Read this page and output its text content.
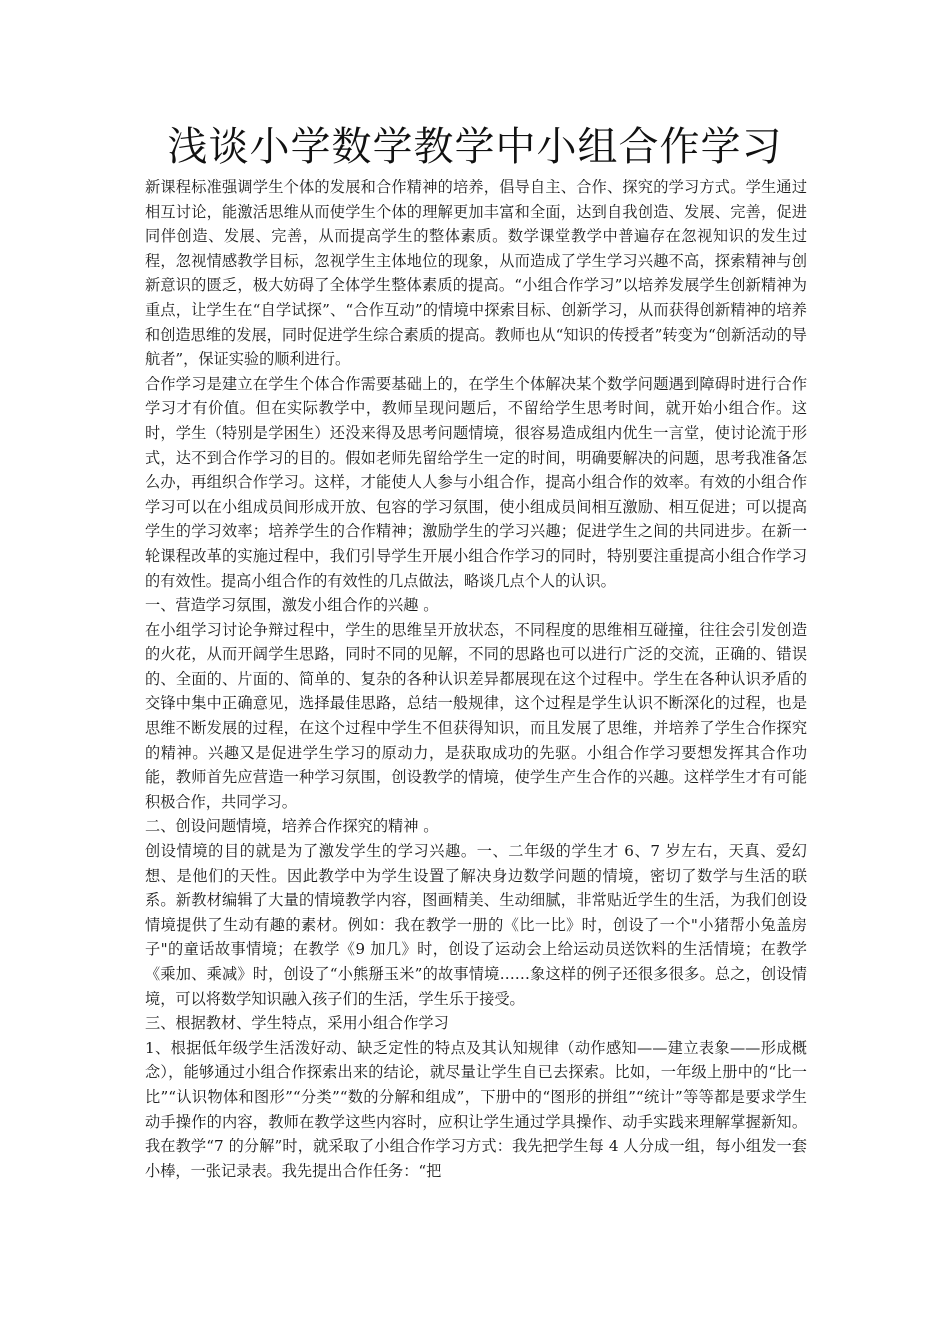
浅谈小学数学教学中小组合作学习

新课程标准强调学生个体的发展和合作精神的培养，倡导自主、合作、探究的学习方式。学生通过相互讨论，能激活思维从而使学生个体的理解更加丰富和全面，达到自我创造、发展、完善，促进同伴创造、发展、完善，从而提高学生的整体素质。数学课堂教学中普遍存在忽视知识的发生过程，忽视情感教学目标，忽视学生主体地位的现象，从而造成了学生学习兴趣不高，探索精神与创新意识的匮乏，极大妨碍了全体学生整体素质的提高。“小组合作学习”以培养发展学生创新精神为重点，让学生在“自学试探”、“合作互动”的情境中探索目标、创新学习，从而获得创新精神的培养和创造思维的发展，同时促进学生综合素质的提高。教师也从“知识的传授者”转变为“创新活动的导航者”，保证实验的顺利进行。

合作学习是建立在学生个体合作需要基础上的，在学生个体解决某个数学问题遇到障碍时进行合作学习才有价值。但在实际教学中，教师呈现问题后，不留给学生思考时间，就开始小组合作。这时，学生（特别是学困生）还没来得及思考问题情境，很容易造成组内优生一言堂，使讨论流于形式，达不到合作学习的目的。假如老师先留给学生一定的时间，明确要解决的问题，思考我准备怎么办，再组织合作学习。这样，才能使人人参与小组合作，提高小组合作的效率。有效的小组合作学习可以在小组成员间形成开放、包容的学习氛围，使小组成员间相互激励、相互促进；可以提高学生的学习效率；培养学生的合作精神；激励学生的学习兴趣；促进学生之间的共同进步。在新一轮课程改革的实施过程中，我们引导学生开展小组合作学习的同时，特别要注重提高小组合作学习的有效性。提高小组合作的有效性的几点做法，略谈几点个人的认识。

一、营造学习氛围，激发小组合作的兴趣 。

在小组学习讨论争辩过程中，学生的思维呈开放状态，不同程度的思维相互碰撞，往往会引发创造的火花，从而开阔学生思路，同时不同的见解，不同的思路也可以进行广泛的交流，正确的、错误的、全面的、片面的、简单的、复杂的各种认识差异都展现在这个过程中。学生在各种认识矛盾的交锋中集中正确意见，选择最佳思路，总结一般规律，这个过程是学生认识不断深化的过程，也是思维不断发展的过程，在这个过程中学生不但获得知识，而且发展了思维，并培养了学生合作探究的精神。兴趣又是促进学生学习的原动力，是获取成功的先驱。小组合作学习要想发挥其合作功能，教师首先应营造一种学习氛围，创设教学的情境，使学生产生合作的兴趣。这样学生才有可能积极合作，共同学习。

二、创设问题情境，培养合作探究的精神 。

创设情境的目的就是为了激发学生的学习兴趣。一、二年级的学生才 6、7 岁左右，天真、爱幻想、是他们的天性。因此教学中为学生设置了解决身边数学问题的情境，密切了数学与生活的联系。新教材编辑了大量的情境教学内容，图画精美、生动细腻，非常贴近学生的生活，为我们创设情境提供了生动有趣的素材。例如：我在教学一册的《比一比》时，创设了一个"小猪帮小兔盖房子"的童话故事情境；在教学《9 加几》时，创设了运动会上给运动员送饮料的生活情境；在教学《乘加、乘减》时，创设了“小熊掰玉米”的故事情境……象这样的例子还很多很多。总之，创设情境，可以将数学知识融入孩子们的生活，学生乐于接受。

三、根据教材、学生特点，采用小组合作学习

1、根据低年级学生活泼好动、缺乏定性的特点及其认知规律（动作感知——建立表象——形成概念），能够通过小组合作探索出来的结论，就尽量让学生自已去探索。比如，一年级上册中的“比一比”“认识物体和图形”“分类”“数的分解和组成”，下册中的“图形的拼组”“统计”等等都是要求学生动手操作的内容，教师在教学这些内容时，应积让学生通过学具操作、动手实践来理解掌握新知。我在教学“7 的分解”时，就采取了小组合作学习方式：我先把学生每 4 人分成一组，每小组发一套小棒，一张记录表。我先提出合作任务：“把
